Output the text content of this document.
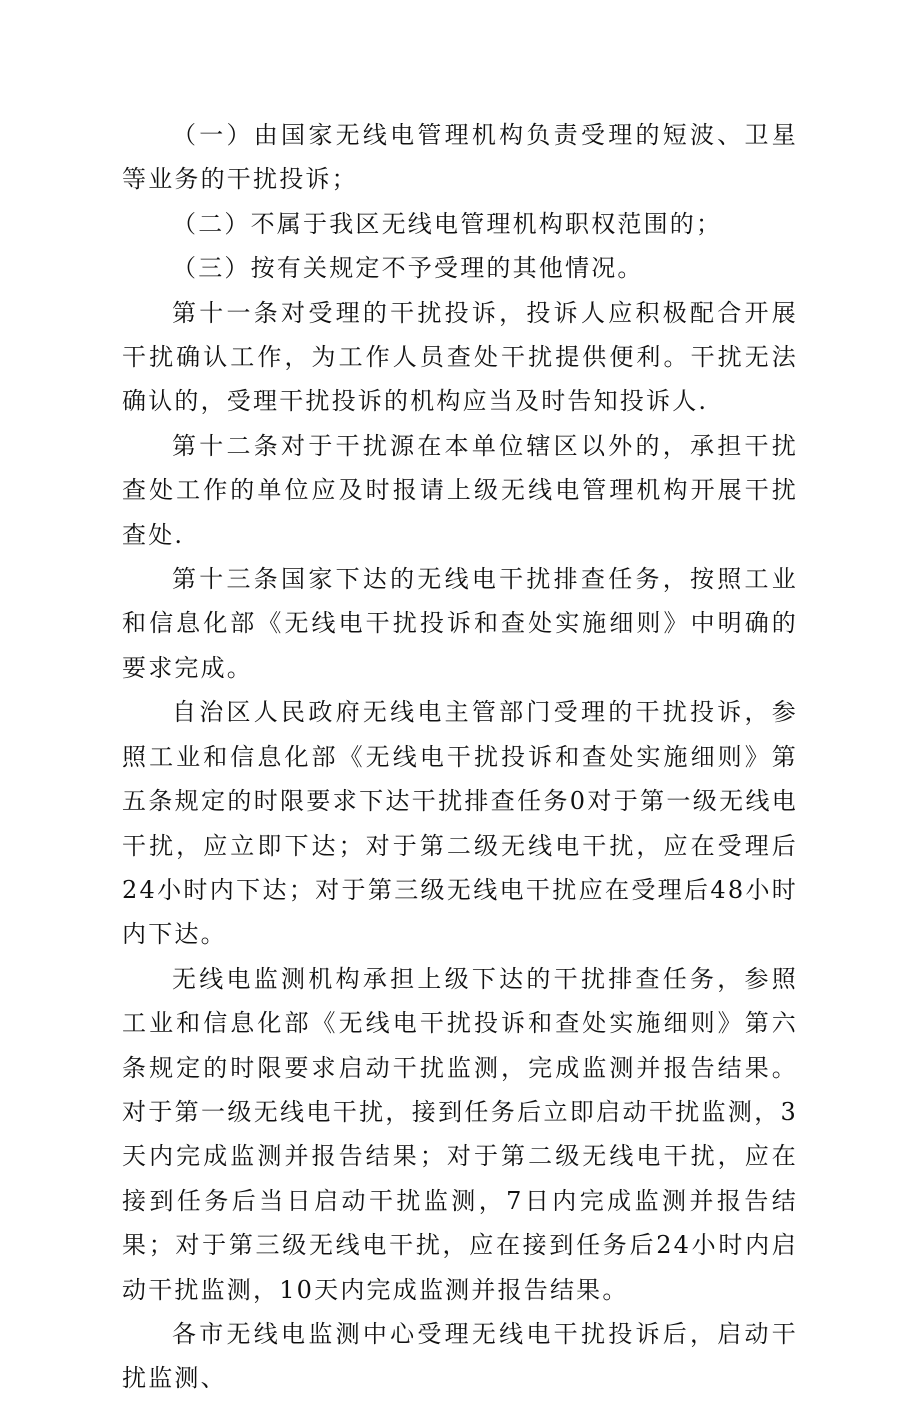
（一）由国家无线电管理机构负责受理的短波、卫星等业务的干扰投诉；

（二）不属于我区无线电管理机构职权范围的；

（三）按有关规定不予受理的其他情况。

第十一条对受理的干扰投诉，投诉人应积极配合开展干扰确认工作，为工作人员查处干扰提供便利。干扰无法确认的，受理干扰投诉的机构应当及时告知投诉人.

第十二条对于干扰源在本单位辖区以外的，承担干扰查处工作的单位应及时报请上级无线电管理机构开展干扰查处.

第十三条国家下达的无线电干扰排查任务，按照工业和信息化部《无线电干扰投诉和查处实施细则》中明确的要求完成。

自治区人民政府无线电主管部门受理的干扰投诉，参照工业和信息化部《无线电干扰投诉和查处实施细则》第五条规定的时限要求下达干扰排查任务0对于第一级无线电干扰，应立即下达；对于第二级无线电干扰，应在受理后24小时内下达；对于第三级无线电干扰应在受理后48小时内下达。

无线电监测机构承担上级下达的干扰排查任务，参照工业和信息化部《无线电干扰投诉和查处实施细则》第六条规定的时限要求启动干扰监测，完成监测并报告结果。对于第一级无线电干扰，接到任务后立即启动干扰监测，3天内完成监测并报告结果；对于第二级无线电干扰，应在接到任务后当日启动干扰监测，7日内完成监测并报告结果；对于第三级无线电干扰，应在接到任务后24小时内启动干扰监测，10天内完成监测并报告结果。

各市无线电监测中心受理无线电干扰投诉后，启动干扰监测、
